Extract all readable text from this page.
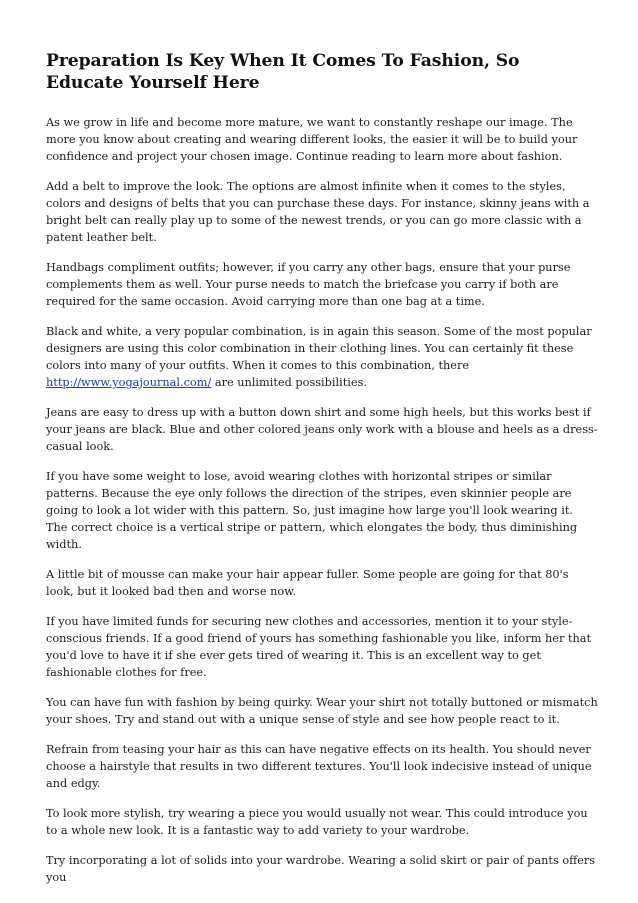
Preparation Is Key When It Comes To Fashion, So Educate Yourself Here

As we grow in life and become more mature, we want to constantly reshape our image. The more you know about creating and wearing different looks, the easier it will be to build your confidence and project your chosen image. Continue reading to learn more about fashion.

Add a belt to improve the look. The options are almost infinite when it comes to the styles, colors and designs of belts that you can purchase these days. For instance, skinny jeans with a bright belt can really play up to some of the newest trends, or you can go more classic with a patent leather belt.

Handbags compliment outfits; however, if you carry any other bags, ensure that your purse complements them as well. Your purse needs to match the briefcase you carry if both are required for the same occasion. Avoid carrying more than one bag at a time.

Black and white, a very popular combination, is in again this season. Some of the most popular designers are using this color combination in their clothing lines. You can certainly fit these colors into many of your outfits. When it comes to this combination, there http://www.yogajournal.com/ are unlimited possibilities.

Jeans are easy to dress up with a button down shirt and some high heels, but this works best if your jeans are black. Blue and other colored jeans only work with a blouse and heels as a dress-casual look.

If you have some weight to lose, avoid wearing clothes with horizontal stripes or similar patterns. Because the eye only follows the direction of the stripes, even skinnier people are going to look a lot wider with this pattern. So, just imagine how large you'll look wearing it. The correct choice is a vertical stripe or pattern, which elongates the body, thus diminishing width.

A little bit of mousse can make your hair appear fuller. Some people are going for that 80's look, but it looked bad then and worse now.

If you have limited funds for securing new clothes and accessories, mention it to your style-conscious friends. If a good friend of yours has something fashionable you like, inform her that you'd love to have it if she ever gets tired of wearing it. This is an excellent way to get fashionable clothes for free.

You can have fun with fashion by being quirky. Wear your shirt not totally buttoned or mismatch your shoes. Try and stand out with a unique sense of style and see how people react to it.

Refrain from teasing your hair as this can have negative effects on its health. You should never choose a hairstyle that results in two different textures. You'll look indecisive instead of unique and edgy.

To look more stylish, try wearing a piece you would usually not wear. This could introduce you to a whole new look. It is a fantastic way to add variety to your wardrobe.

Try incorporating a lot of solids into your wardrobe. Wearing a solid skirt or pair of pants offers you
